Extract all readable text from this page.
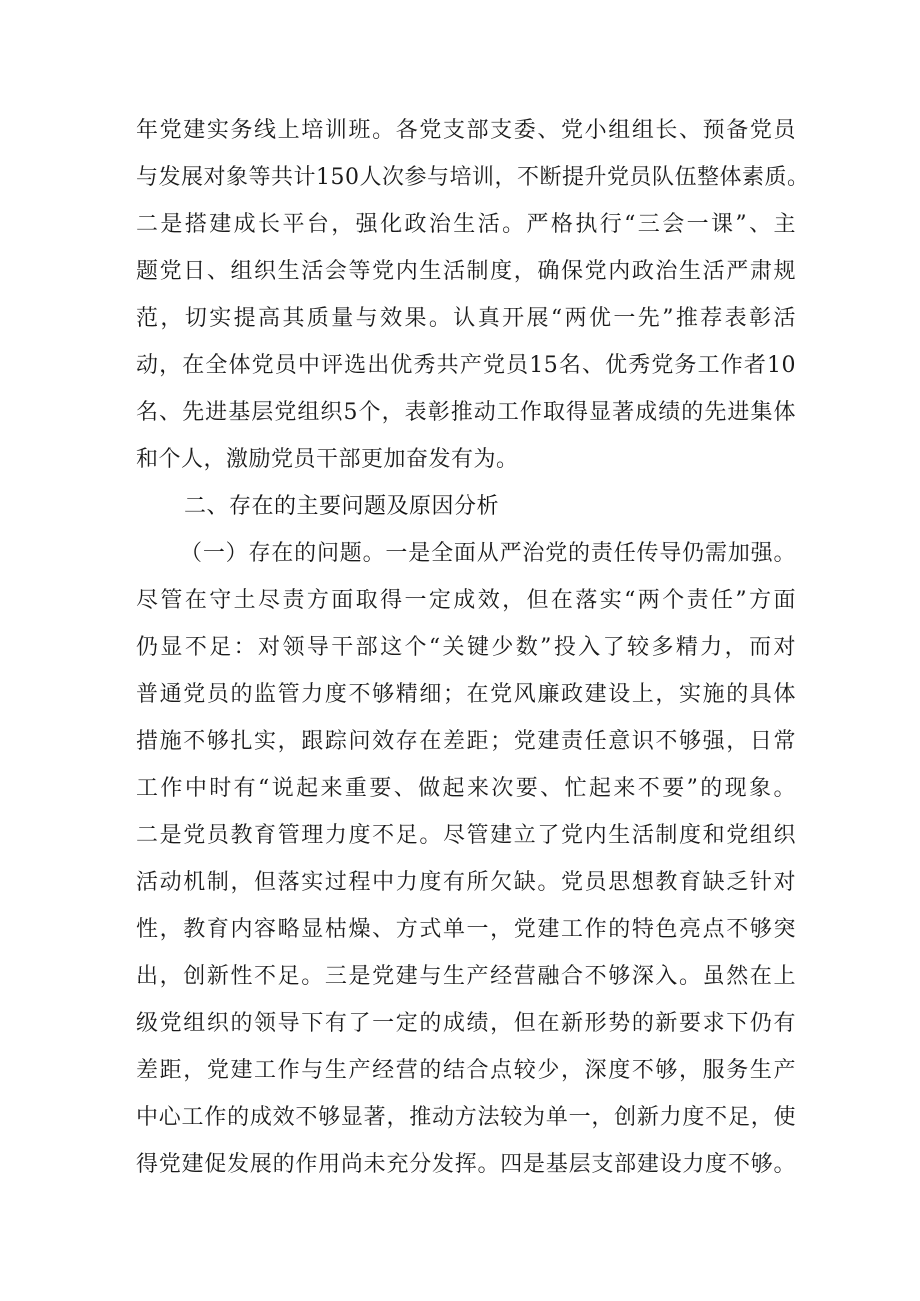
年党建实务线上培训班。各党支部支委、党小组组长、预备党员
与发展对象等共计150人次参与培训，不断提升党员队伍整体素质。
二是搭建成长平台，强化政治生活。严格执行“三会一课”、主
题党日、组织生活会等党内生活制度，确保党内政治生活严肃规
范，切实提高其质量与效果。认真开展“两优一先”推荐表彰活
动，在全体党员中评选出优秀共产党员15名、优秀党务工作者10
名、先进基层党组织5个，表彰推动工作取得显著成绩的先进集体
和个人，激励党员干部更加奋发有为。
二、存在的主要问题及原因分析
（一）存在的问题。一是全面从严治党的责任传导仍需加强。
尽管在守土尽责方面取得一定成效，但在落实“两个责任”方面
仍显不足：对领导干部这个“关键少数”投入了较多精力，而对
普通党员的监管力度不够精细；在党风廉政建设上，实施的具体
措施不够扎实，跟踪问效存在差距；党建责任意识不够强，日常
工作中时有“说起来重要、做起来次要、忙起来不要”的现象。
二是党员教育管理力度不足。尽管建立了党内生活制度和党组织
活动机制，但落实过程中力度有所欠缺。党员思想教育缺乏针对
性，教育内容略显枯燥、方式单一，党建工作的特色亮点不够突
出，创新性不足。三是党建与生产经营融合不够深入。虽然在上
级党组织的领导下有了一定的成绩，但在新形势的新要求下仍有
差距，党建工作与生产经营的结合点较少，深度不够，服务生产
中心工作的成效不够显著，推动方法较为单一，创新力度不足，使
得党建促发展的作用尚未充分发挥。四是基层支部建设力度不够。
